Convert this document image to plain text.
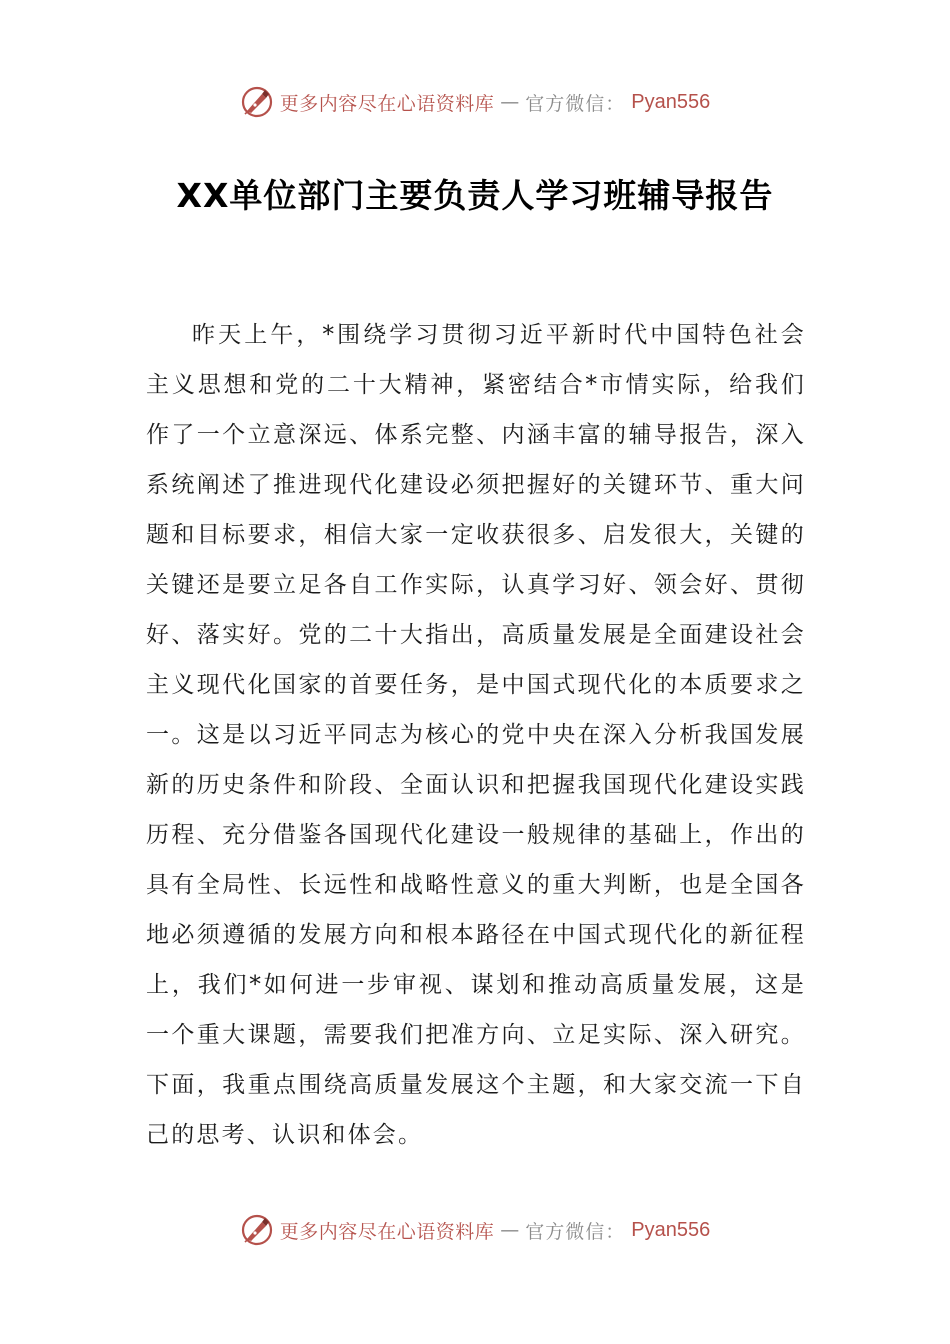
更多内容尽在心语资料库 — 官方微信： Pyan556
XX单位部门主要负责人学习班辅导报告

昨天上午，*围绕学习贯彻习近平新时代中国特色社会主义思想和党的二十大精神，紧密结合*市情实际，给我们作了一个立意深远、体系完整、内涵丰富的辅导报告，深入系统阐述了推进现代化建设必须把握好的关键环节、重大问题和目标要求，相信大家一定收获很多、启发很大，关键的关键还是要立足各自工作实际，认真学习好、领会好、贯彻好、落实好。党的二十大指出，高质量发展是全面建设社会主义现代化国家的首要任务，是中国式现代化的本质要求之一。这是以习近平同志为核心的党中央在深入分析我国发展新的历史条件和阶段、全面认识和把握我国现代化建设实践历程、充分借鉴各国现代化建设一般规律的基础上，作出的具有全局性、长远性和战略性意义的重大判断，也是全国各地必须遵循的发展方向和根本路径在中国式现代化的新征程上，我们*如何进一步审视、谋划和推动高质量发展，这是一个重大课题，需要我们把准方向、立足实际、深入研究。下面，我重点围绕高质量发展这个主题，和大家交流一下自己的思考、认识和体会。

更多内容尽在心语资料库 — 官方微信： Pyan556
